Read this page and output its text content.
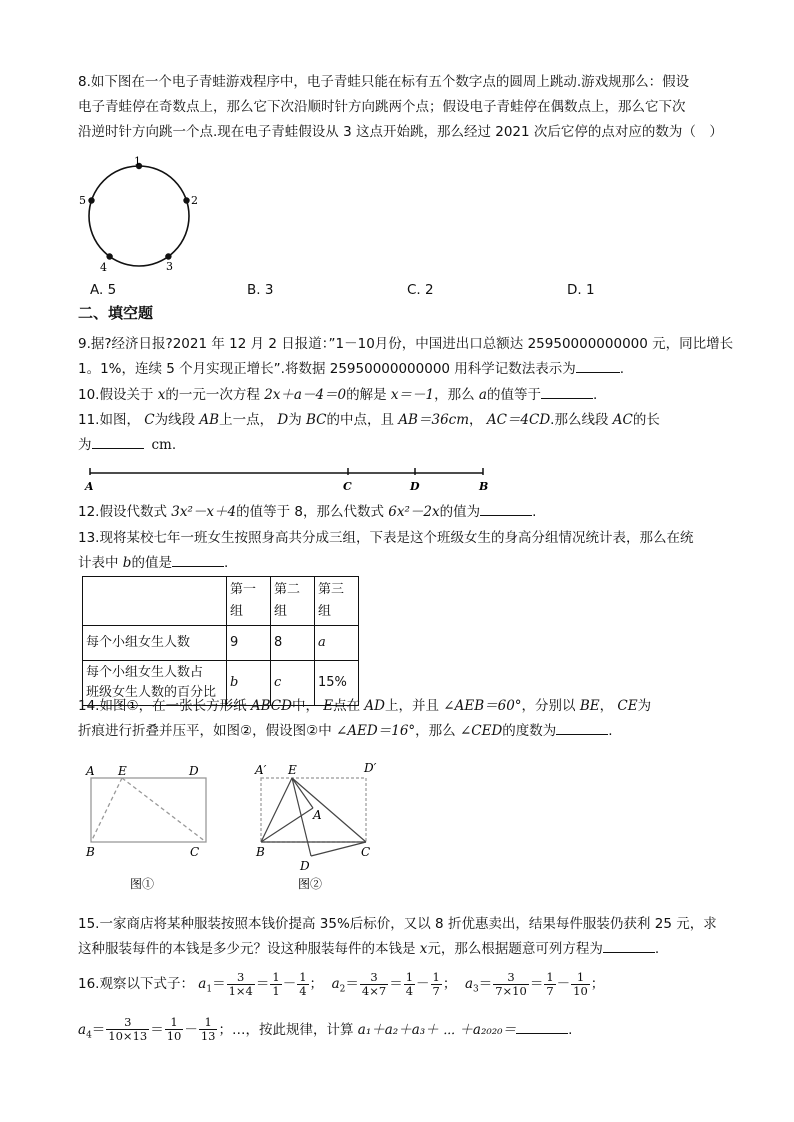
8.如下图在一个电子青蛙游戏程序中，电子青蛙只能在标有五个数字点的圆周上跳动.游戏规那么：假设
电子青蛙停在奇数点上，那么它下次沿顺时针方向跳两个点；假设电子青蛙停在偶数点上，那么它下次
沿逆时针方向跳一个点.现在电子青蛙假设从 3 这点开始跳，那么经过 2021 次后它停的点对应的数为（　）
1
2
3
4
5
A. 5	B. 3	C. 2	D. 1
二、填空题
9.据?经济日报?2021 年 12 月 2 日报道：”1－10月份，中国进出口总额达 25950000000000 元，同比增长
1。1%，连续 5 个月实现正增长”.将数据 25950000000000 用科学记数法表示为	.
10.假设关于 x的一元一次方程 2x＋a－4＝0的解是 x＝－1，那么 a的值等于	.
11.如图， C为线段 AB上一点， D为 BC的中点，且 AB＝36cm， AC＝4CD.那么线段 AC的长
为	cm.
A	C	D	B
12.假设代数式 3x²－x＋4的值等于 8，那么代数式 6x²－2x的值为	.
13.现将某校七年一班女生按照身高共分成三组，下表是这个班级女生的身高分组情况统计表，那么在统
计表中 b的值是	.
	第一组	第二组	第三组
每个小组女生人数	9	8	a

每个小组女生人数占
班级女生人数的百分比	b	c	15%
14.如图①，在一张长方形纸 ABCD中， E点在 AD上，并且 ∠AEB＝60°，分别以 BE， CE为
折痕进行折叠并压平，如图②，假设图②中 ∠AED＝16°，那么 ∠CED的度数为	.
A E	D
B	C
图①
A′ E	D′
A
B	C
D
图②
15.一家商店将某种服装按照本钱价提高 35%后标价，又以 8 折优惠卖出，结果每件服装仍获利 25 元，求
这种服装每件的本钱是多少元？设这种服装每件的本钱是 x元，那么根据题意可列方程为	.
16.观察以下式子： $a_1= \frac{3}{1\times 4} = \frac{1}{1} - \frac{1}{4}$ ；  $a_2= \frac{3}{4\times 7} = \frac{1}{4} - \frac{1}{7}$ ；  $a_3= \frac{3}{7\times 10} = \frac{1}{7} - \frac{1}{10}$ ；
$a_4= \frac{3}{10\times 13} = \frac{1}{10} - \frac{1}{13}$ ；…，按此规律，计算 a₁＋a₂＋a₃＋ ⋯ ＋a₂₀₂₀＝	.
